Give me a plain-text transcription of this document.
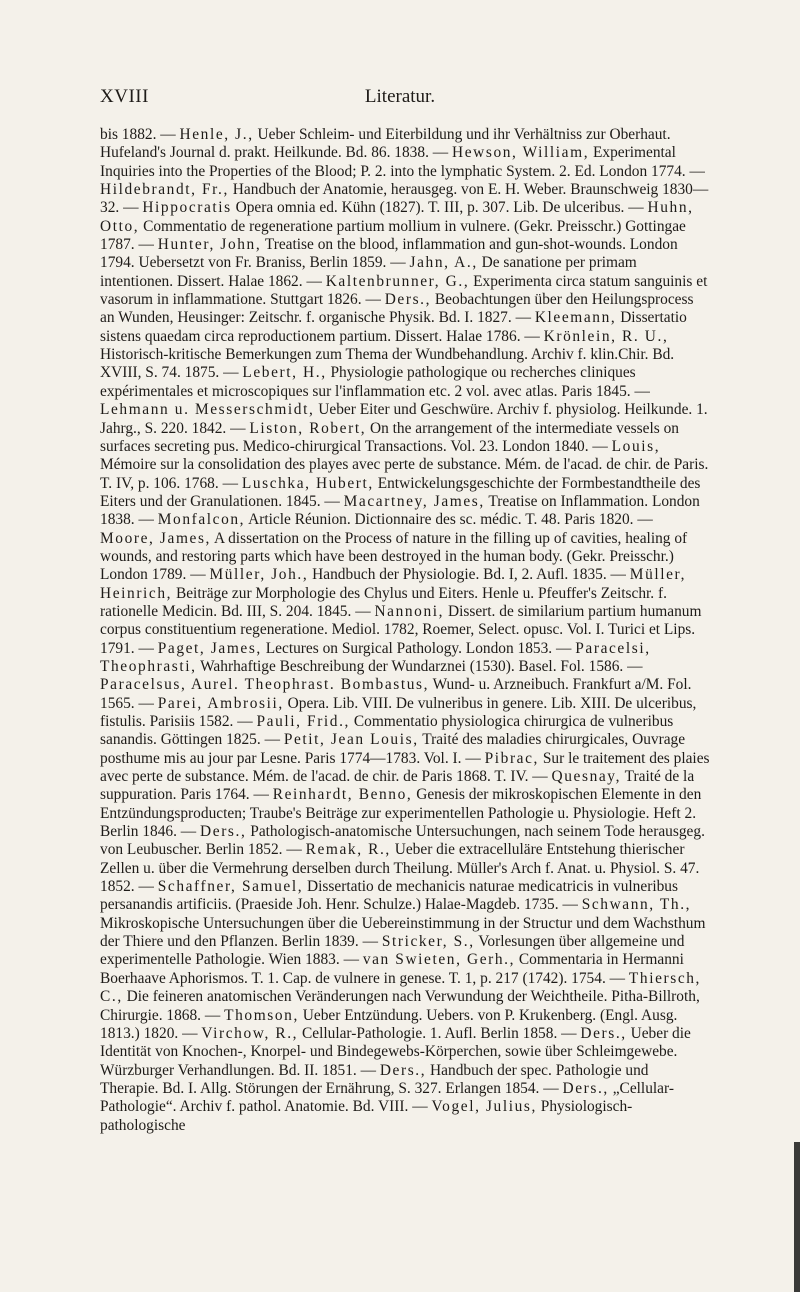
XVIII	Literatur.
bis 1882. — Henle, J., Ueber Schleim- und Eiterbildung und ihr Verhältniss zur Oberhaut. Hufeland's Journal d. prakt. Heilkunde. Bd. 86. 1838. — Hewson, William, Experimental Inquiries into the Properties of the Blood; P. 2. into the lymphatic System. 2. Ed. London 1774. — Hildebrandt, Fr., Handbuch der Anatomie, herausgeg. von E. H. Weber. Braunschweig 1830—32. — Hippocratis Opera omnia ed. Kühn (1827). T. III, p. 307. Lib. De ulceribus. — Huhn, Otto, Commentatio de regeneratione partium mollium in vulnere. (Gekr. Preisschr.) Gottingae 1787. — Hunter, John, Treatise on the blood, inflammation and gun-shot-wounds. London 1794. Uebersetzt von Fr. Braniss, Berlin 1859. — Jahn, A., De sanatione per primam intentionen. Dissert. Halae 1862. — Kaltenbrunner, G., Experimenta circa statum sanguinis et vasorum in inflammatione. Stuttgart 1826. — Ders., Beobachtungen über den Heilungsprocess an Wunden, Heusinger: Zeitschr. f. organische Physik. Bd. I. 1827. — Kleemann, Dissertatio sistens quaedam circa reproductionem partium. Dissert. Halae 1786. — Krönlein, R. U., Historisch-kritische Bemerkungen zum Thema der Wundbehandlung. Archiv f. klin.Chir. Bd. XVIII, S. 74. 1875. — Lebert, H., Physiologie pathologique ou recherches cliniques expérimentales et microscopiques sur l'inflammation etc. 2 vol. avec atlas. Paris 1845. — Lehmann u. Messerschmidt, Ueber Eiter und Geschwüre. Archiv f. physiolog. Heilkunde. 1. Jahrg., S. 220. 1842. — Liston, Robert, On the arrangement of the intermediate vessels on surfaces secreting pus. Medico-chirurgical Transactions. Vol. 23. London 1840. — Louis, Mémoire sur la consolidation des playes avec perte de substance. Mém. de l'acad. de chir. de Paris. T. IV, p. 106. 1768. — Luschka, Hubert, Entwickelungsgeschichte der Formbestandtheile des Eiters und der Granulationen. 1845. — Macartney, James, Treatise on Inflammation. London 1838. — Monfalcon, Article Réunion. Dictionnaire des sc. médic. T. 48. Paris 1820. — Moore, James, A dissertation on the Process of nature in the filling up of cavities, healing of wounds, and restoring parts which have been destroyed in the human body. (Gekr. Preisschr.) London 1789. — Müller, Joh., Handbuch der Physiologie. Bd. I, 2. Aufl. 1835. — Müller, Heinrich, Beiträge zur Morphologie des Chylus und Eiters. Henle u. Pfeuffer's Zeitschr. f. rationelle Medicin. Bd. III, S. 204. 1845. — Nannoni, Dissert. de similarium partium humanum corpus constituentium regeneratione. Mediol. 1782, Roemer, Select. opusc. Vol. I. Turici et Lips. 1791. — Paget, James, Lectures on Surgical Pathology. London 1853. — Paracelsi, Theophrasti, Wahrhaftige Beschreibung der Wundarznei (1530). Basel. Fol. 1586. — Paracelsus, Aurel. Theophrast. Bombastus, Wund- u. Arzneibuch. Frankfurt a/M. Fol. 1565. — Parei, Ambrosii, Opera. Lib. VIII. De vulneribus in genere. Lib. XIII. De ulceribus, fistulis. Parisiis 1582. — Pauli, Frid., Commentatio physiologica chirurgica de vulneribus sanandis. Göttingen 1825. — Petit, Jean Louis, Traité des maladies chirurgicales, Ouvrage posthume mis au jour par Lesne. Paris 1774—1783. Vol. I. — Pibrac, Sur le traitement des plaies avec perte de substance. Mém. de l'acad. de chir. de Paris 1868. T. IV. — Quesnay, Traité de la suppuration. Paris 1764. — Reinhardt, Benno, Genesis der mikroskopischen Elemente in den Entzündungsproducten; Traube's Beiträge zur experimentellen Pathologie u. Physiologie. Heft 2. Berlin 1846. — Ders., Pathologisch-anatomische Untersuchungen, nach seinem Tode herausgeg. von Leubuscher. Berlin 1852. — Remak, R., Ueber die extracelluläre Entstehung thierischer Zellen u. über die Vermehrung derselben durch Theilung. Müller's Arch f. Anat. u. Physiol. S. 47. 1852. — Schaffner, Samuel, Dissertatio de mechanicis naturae medicatricis in vulneribus persanandis artificiis. (Praeside Joh. Henr. Schulze.) Halae-Magdeb. 1735. — Schwann, Th., Mikroskopische Untersuchungen über die Uebereinstimmung in der Structur und dem Wachsthum der Thiere und den Pflanzen. Berlin 1839. — Stricker, S., Vorlesungen über allgemeine und experimentelle Pathologie. Wien 1883. — van Swieten, Gerh., Commentaria in Hermanni Boerhaave Aphorismos. T. 1. Cap. de vulnere in genese. T. 1, p. 217 (1742). 1754. — Thiersch, C., Die feineren anatomischen Veränderungen nach Verwundung der Weichtheile. Pitha-Billroth, Chirurgie. 1868. — Thomson, Ueber Entzündung. Uebers. von P. Krukenberg. (Engl. Ausg. 1813.) 1820. — Virchow, R., Cellular-Pathologie. 1. Aufl. Berlin 1858. — Ders., Ueber die Identität von Knochen-, Knorpel- und Bindegewebs-Körperchen, sowie über Schleimgewebe. Würzburger Verhandlungen. Bd. II. 1851. — Ders., Handbuch der spec. Pathologie und Therapie. Bd. I. Allg. Störungen der Ernährung, S. 327. Erlangen 1854. — Ders., „Cellular-Pathologie“. Archiv f. pathol. Anatomie. Bd. VIII. — Vogel, Julius, Physiologisch-pathologische
